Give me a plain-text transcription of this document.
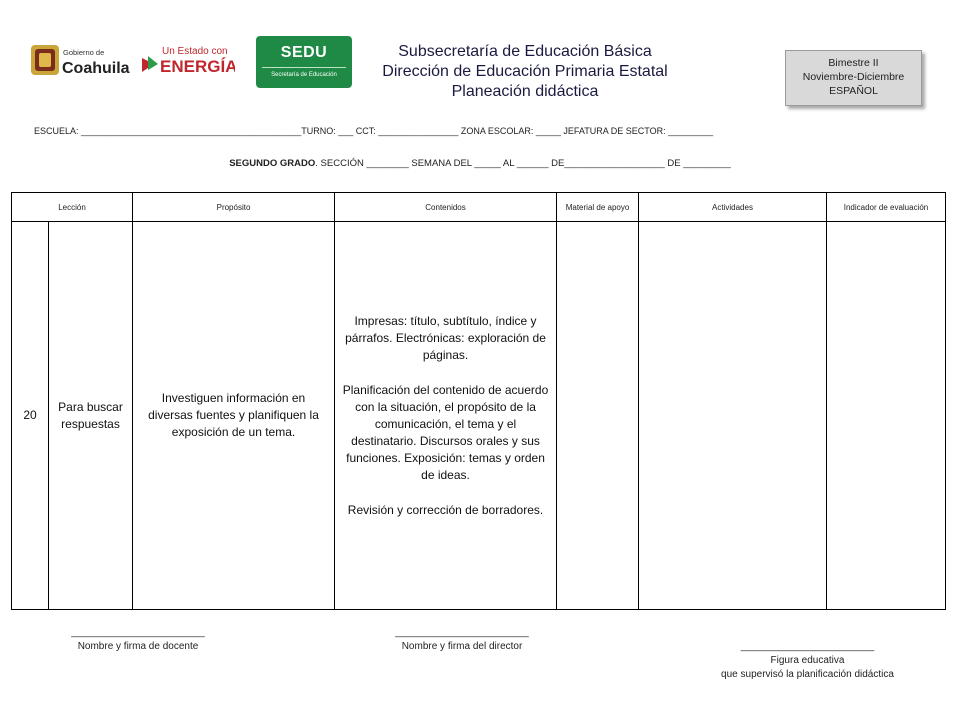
Gobierno de
Coahuila
Un Estado con
ENERGÍA
SEDU
Secretaría de Educación
Subsecretaría de Educación Básica
Dirección de Educación Primaria Estatal
Planeación didáctica
Bimestre II
Noviembre-Diciembre
ESPAÑOL
ESCUELA: ____________________________________________TURNO: ___ CCT: ________________ ZONA ESCOLAR: _____ JEFATURA DE SECTOR: _________
SEGUNDO GRADO. SECCIÓN ________ SEMANA DEL _____ AL ______ DE___________________ DE _________
Lección		Propósito	Contenidos	Material de apoyo	Actividades	Indicador de evaluación
20	Para buscar respuestas	Investiguen información en diversas fuentes y planifiquen la exposición de un tema.	Impresas: título, subtítulo, índice y párrafos. Electrónicas: exploración de páginas.

Planificación del contenido de acuerdo con la situación, el propósito de la comunicación, el tema y el destinatario. Discursos orales y sus funciones. Exposición: temas y orden de ideas.

Revisión y corrección de borradores.			

________________________
Nombre y firma de docente
________________________
Nombre y firma del director	________________________
Figura educativa
que supervisó la planificación didáctica
